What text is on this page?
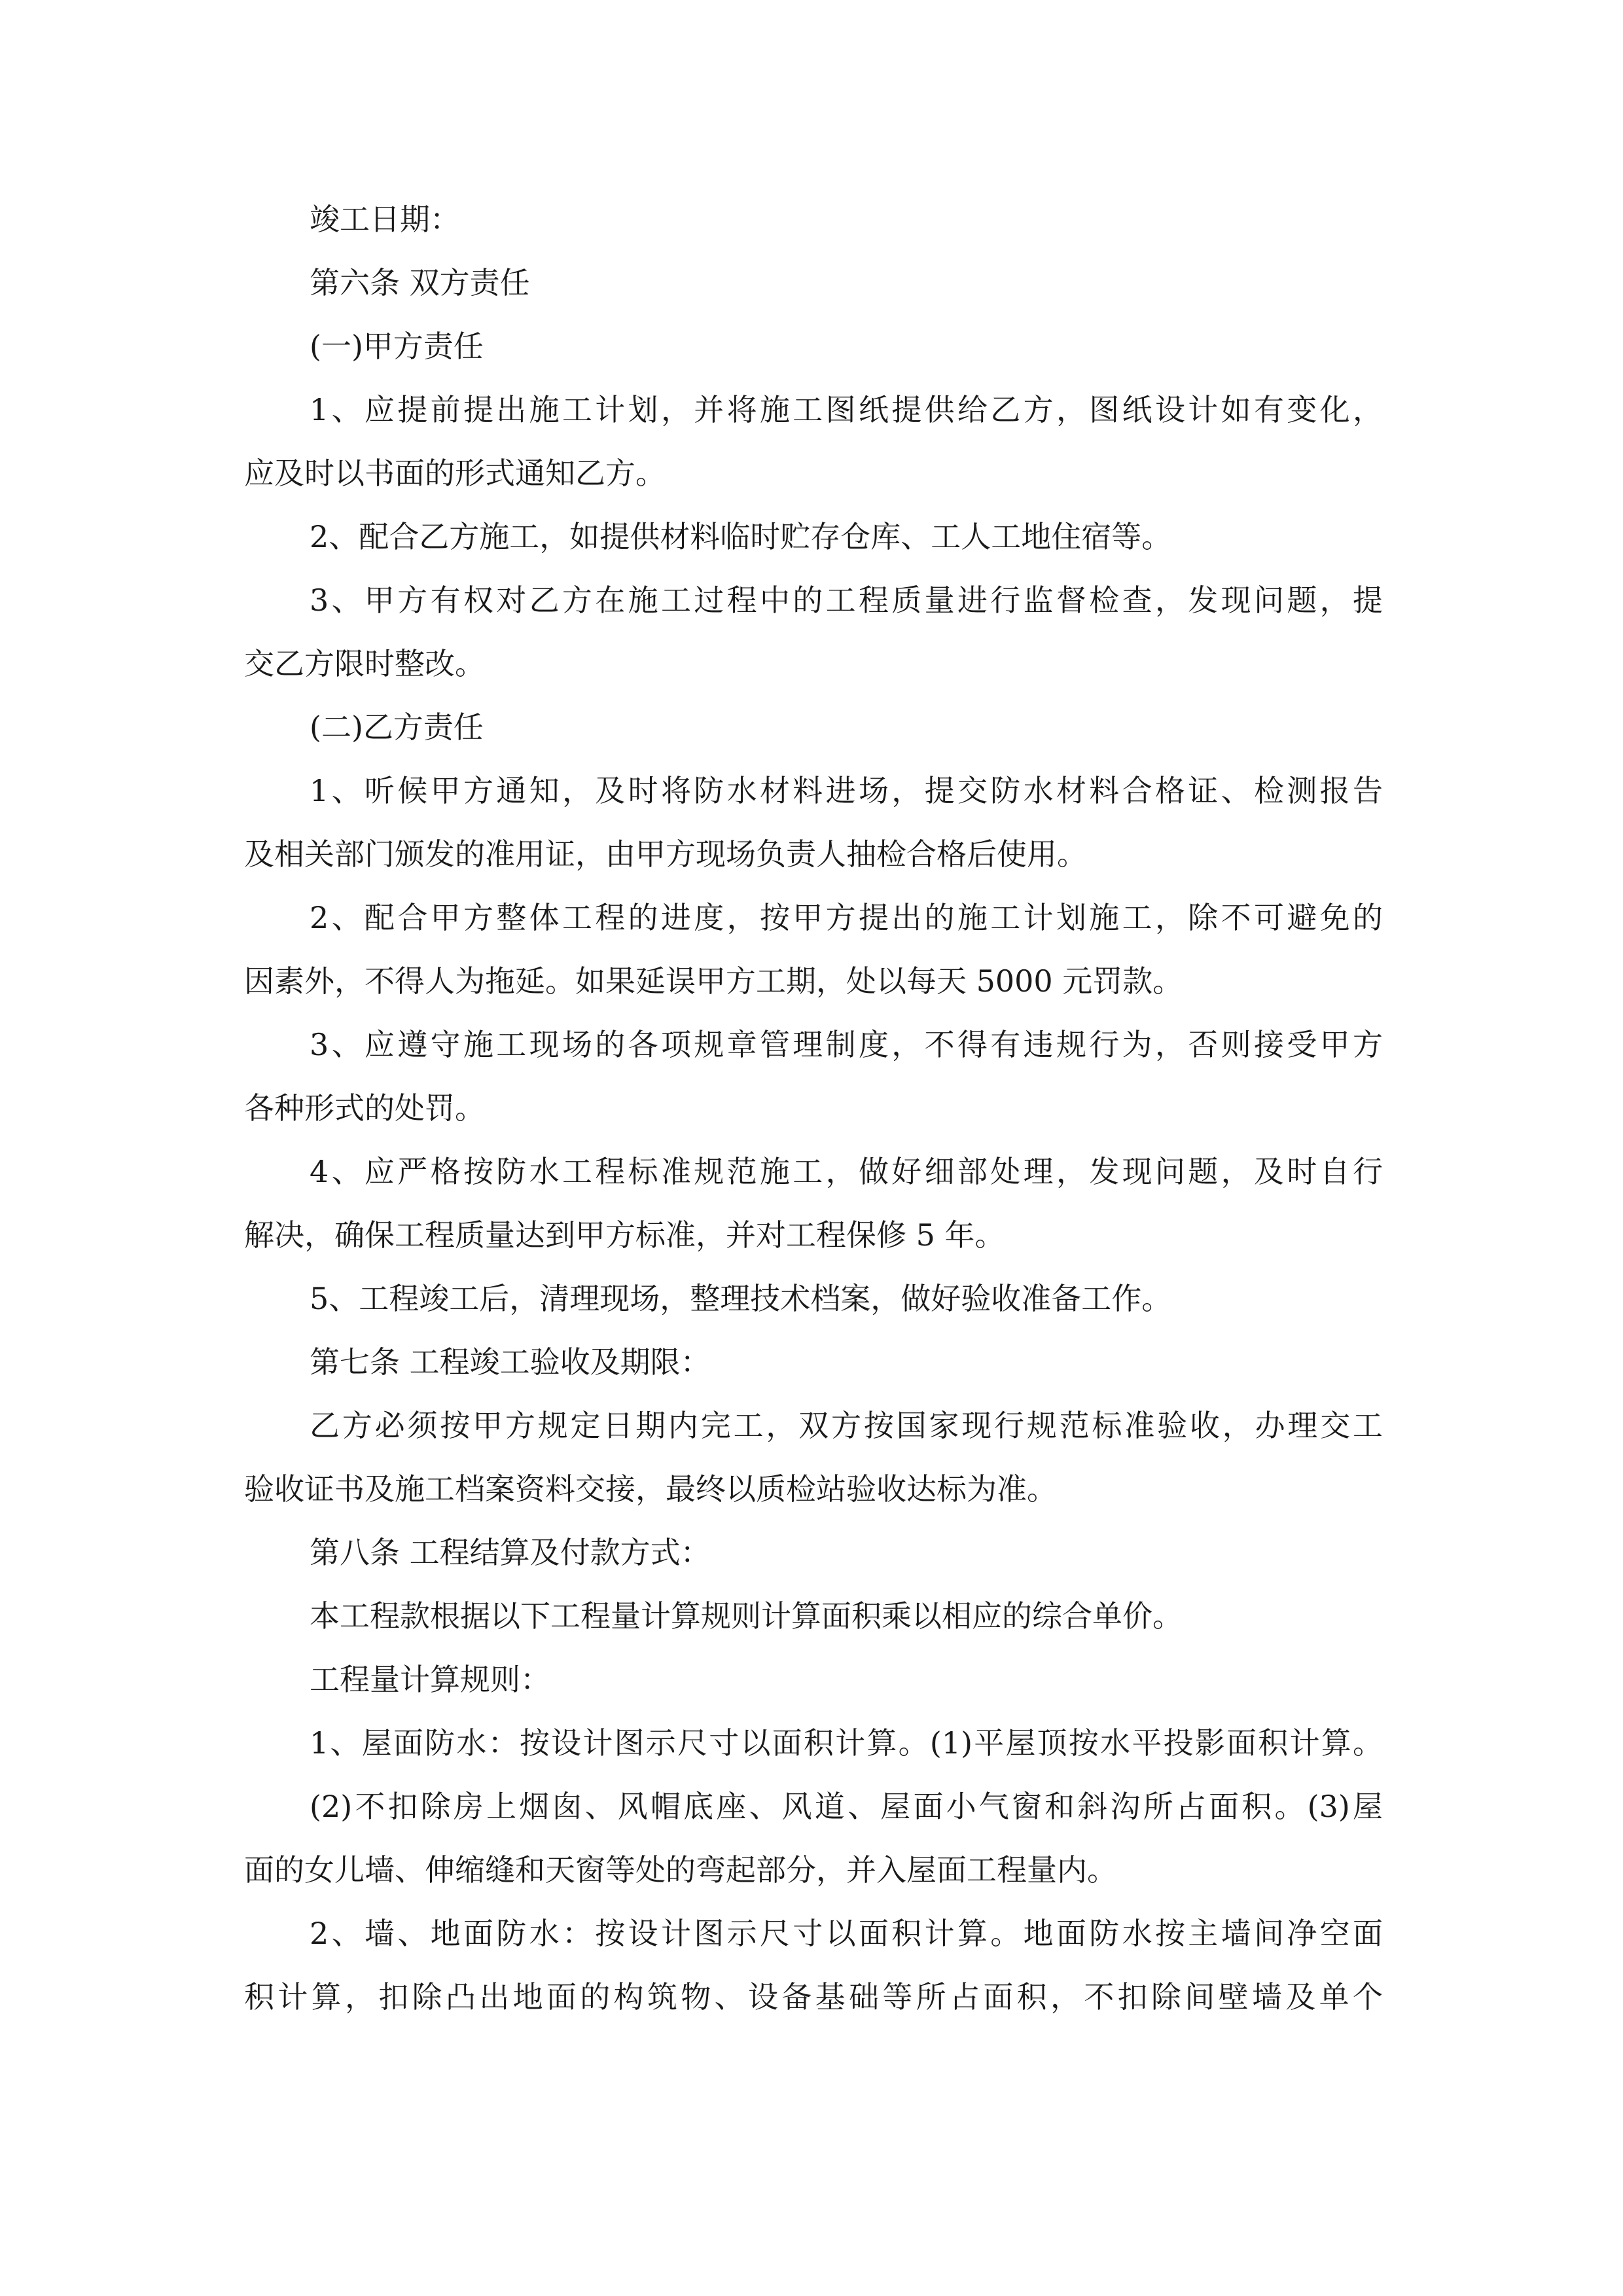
竣工日期：
第六条 双方责任
(一)甲方责任
1、应提前提出施工计划，并将施工图纸提供给乙方，图纸设计如有变化，
应及时以书面的形式通知乙方。
2、配合乙方施工，如提供材料临时贮存仓库、工人工地住宿等。
3、甲方有权对乙方在施工过程中的工程质量进行监督检查，发现问题，提
交乙方限时整改。
(二)乙方责任
1、听候甲方通知，及时将防水材料进场，提交防水材料合格证、检测报告
及相关部门颁发的准用证，由甲方现场负责人抽检合格后使用。
2、配合甲方整体工程的进度，按甲方提出的施工计划施工，除不可避免的
因素外，不得人为拖延。如果延误甲方工期，处以每天 5000 元罚款。
3、应遵守施工现场的各项规章管理制度，不得有违规行为，否则接受甲方
各种形式的处罚。
4、应严格按防水工程标准规范施工，做好细部处理，发现问题，及时自行
解决，确保工程质量达到甲方标准，并对工程保修 5 年。
5、工程竣工后，清理现场，整理技术档案，做好验收准备工作。
第七条 工程竣工验收及期限：
乙方必须按甲方规定日期内完工，双方按国家现行规范标准验收，办理交工
验收证书及施工档案资料交接，最终以质检站验收达标为准。
第八条 工程结算及付款方式：
本工程款根据以下工程量计算规则计算面积乘以相应的综合单价。
工程量计算规则：
1、屋面防水：按设计图示尺寸以面积计算。(1)平屋顶按水平投影面积计算。
(2)不扣除房上烟囱、风帽底座、风道、屋面小气窗和斜沟所占面积。(3)屋
面的女儿墙、伸缩缝和天窗等处的弯起部分，并入屋面工程量内。
2、墙、地面防水：按设计图示尺寸以面积计算。地面防水按主墙间净空面
积计算，扣除凸出地面的构筑物、设备基础等所占面积，不扣除间壁墙及单个
